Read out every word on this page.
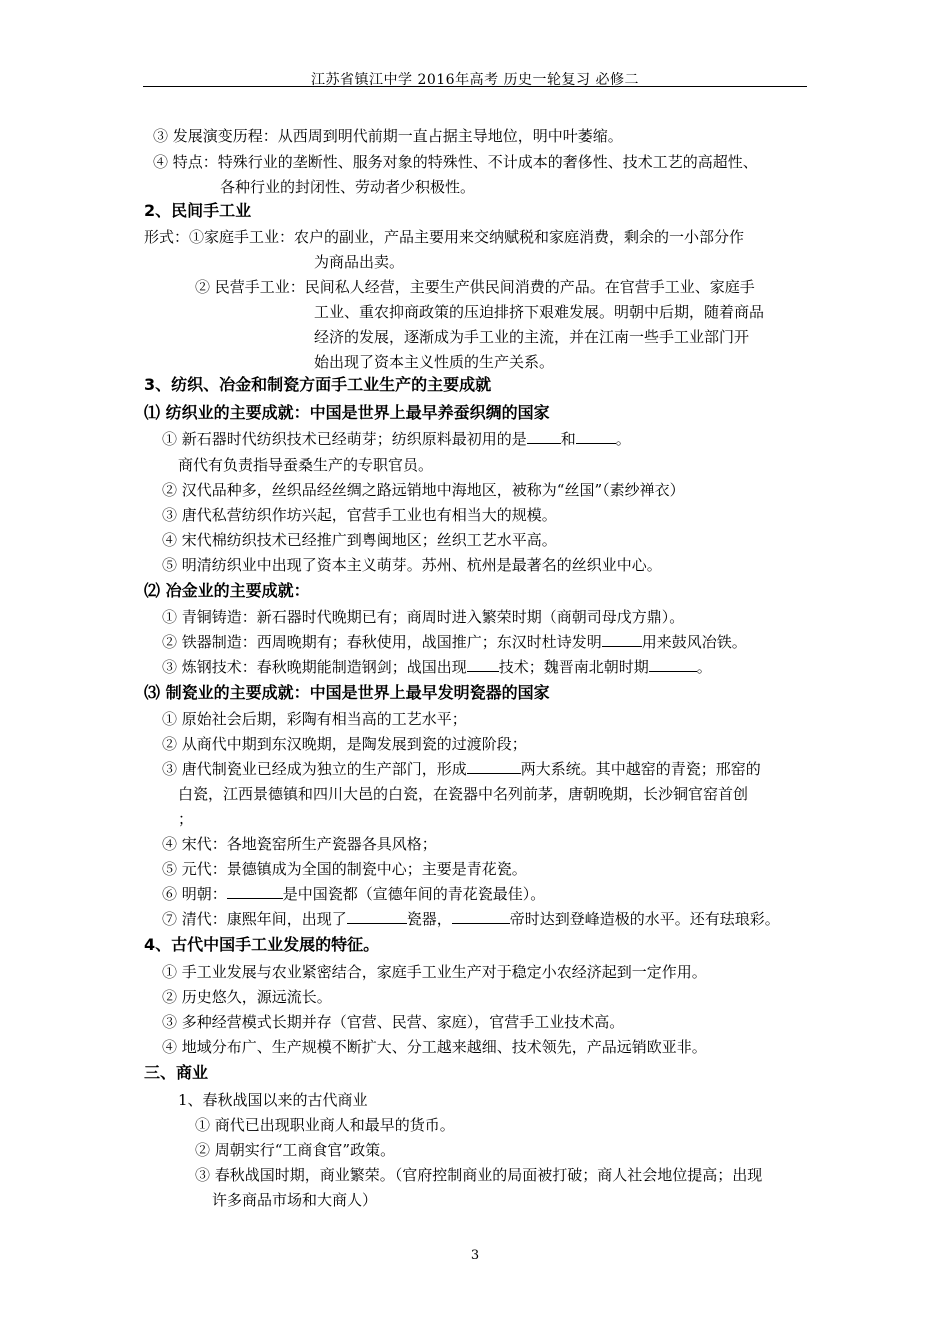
江苏省镇江中学 2016年高考 历史一轮复习 必修二
③ 发展演变历程：从西周到明代前期一直占据主导地位，明中叶萎缩。
④ 特点：特殊行业的垄断性、服务对象的特殊性、不计成本的奢侈性、技术工艺的高超性、
各种行业的封闭性、劳动者少积极性。
2、民间手工业
形式：①家庭手工业：农户的副业，产品主要用来交纳赋税和家庭消费，剩余的一小部分作
为商品出卖。
② 民营手工业：民间私人经营，主要生产供民间消费的产品。在官营手工业、家庭手
工业、重农抑商政策的压迫排挤下艰难发展。明朝中后期，随着商品
经济的发展，逐渐成为手工业的主流，并在江南一些手工业部门开
始出现了资本主义性质的生产关系。
3、纺织、冶金和制瓷方面手工业生产的主要成就
⑴ 纺织业的主要成就：中国是世界上最早养蚕织绸的国家
① 新石器时代纺织技术已经萌芽；纺织原料最初用的是 和	。
商代有负责指导蚕桑生产的专职官员。
② 汉代品种多，丝织品经丝绸之路远销地中海地区，被称为“丝国”（素纱禅衣）
③ 唐代私营纺织作坊兴起，官营手工业也有相当大的规模。
④ 宋代棉纺织技术已经推广到粤闽地区；丝织工艺水平高。
⑤ 明清纺织业中出现了资本主义萌芽。苏州、杭州是最著名的丝织业中心。
⑵ 冶金业的主要成就：
① 青铜铸造：新石器时代晚期已有；商周时进入繁荣时期（商朝司母戊方鼎）。
② 铁器制造：西周晚期有；春秋使用，战国推广；东汉时杜诗发明	用来鼓风冶铁。
③ 炼钢技术：春秋晚期能制造钢剑；战国出现 技术；魏晋南北朝时期	。
⑶ 制瓷业的主要成就：中国是世界上最早发明瓷器的国家
① 原始社会后期，彩陶有相当高的工艺水平；
② 从商代中期到东汉晚期，是陶发展到瓷的过渡阶段；
③ 唐代制瓷业已经成为独立的生产部门，形成	两大系统。其中越窑的青瓷；邢窑的
白瓷，江西景德镇和四川大邑的白瓷，在瓷器中名列前茅，唐朝晚期，长沙铜官窑首创
；
④ 宋代：各地瓷窑所生产瓷器各具风格；
⑤ 元代：景德镇成为全国的制瓷中心；主要是青花瓷。
⑥ 明朝：	是中国瓷都（宣德年间的青花瓷最佳）。
⑦ 清代：康熙年间，出现了	瓷器，	帝时达到登峰造极的水平。还有珐琅彩。
4、古代中国手工业发展的特征。
① 手工业发展与农业紧密结合，家庭手工业生产对于稳定小农经济起到一定作用。
② 历史悠久，源远流长。
③ 多种经营模式长期并存（官营、民营、家庭），官营手工业技术高。
④ 地域分布广、生产规模不断扩大、分工越来越细、技术领先，产品远销欧亚非。
三、商业
1、春秋战国以来的古代商业
① 商代已出现职业商人和最早的货币。
② 周朝实行“工商食官”政策。
③ 春秋战国时期，商业繁荣。（官府控制商业的局面被打破；商人社会地位提高；出现
许多商品市场和大商人）
3
